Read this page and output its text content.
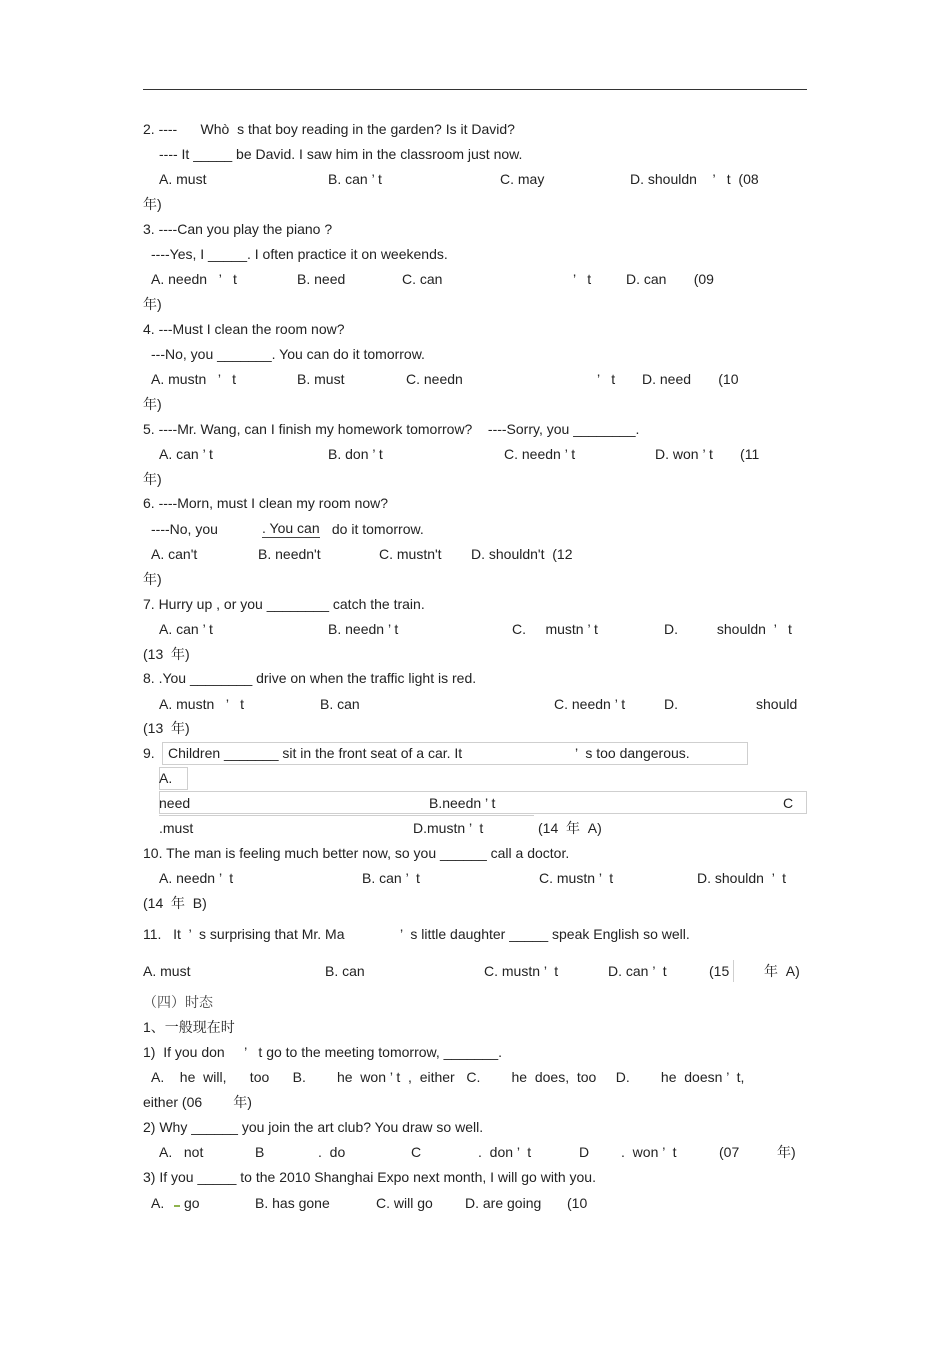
2. ----      Whò  s that boy reading in the garden? Is it David?
---- It _____ be David. I saw him in the classroom just now.
A. must	B. can ’ t	C. may	D. shouldn    ’   t  (08
年)
3. ----Can you play the piano ?
----Yes, I _____. I often practice it on weekends.
A. needn   ’   t	B. need	C. can	’   t D. can       (09
年)
4. ---Must I clean the room now?
---No, you _______. You can do it tomorrow.
A. mustn   ’   t	B. must	C. needn	’   t D. need       (10
年)
5. ----Mr. Wang, can I finish my homework tomorrow?    ----Sorry, you ________.
A. can ’ t	B. don ’ t	C. needn ’ t	D. won ’ t       (11
年)
6. ----Morn, must I clean my room now?
----No, you	. You can do it tomorrow.
A. can't	B. needn't	C. mustn't D. shouldn't  (12
年)
7. Hurry up , or you ________ catch the train.
A. can ’ t	B. needn ’ t	C.     mustn ’ t	D.          shouldn  ’   t
(13  年)
8. .You ________ drive on when the traffic light is red.
A. mustn   ’   t	B. can	C. needn ’ t	D.	should
(13  年)
9. Children _______ sit in the front seat of a car. It	’  s too dangerous.
A.
need	B.needn ’ t	C
.must	D.mustn ’  t	(14  年  A)
10. The man is feeling much better now, so you ______ call a doctor.
A. needn ’  t	B. can ’  t	C. mustn ’  t	D. shouldn  ’  t
(14  年  B)
11.   It  ’  s surprising that Mr. Ma	’  s little daughter _____ speak English so well.
A. must	B. can	C. mustn ’  t	D. can ’  t	(15 年  A)
（四）时态
1、一般现在时
1)  If you don     ’   t go to the meeting tomorrow, _______.
A.    he  will,      too      B.        he  won ’ t  ,  either   C.        he  does,  too     D.        he  doesn ’  t,
either (06        年)
2) Why ______ you join the art club? You draw so well.
A.   not	B	.  do	C	.  don ’  t	D .  won ’  t	(07	年)
3) If you _____ to the 2010 Shanghai Expo next month, I will go with you.
A. go	B. has gone	C. will go D. are going (10
